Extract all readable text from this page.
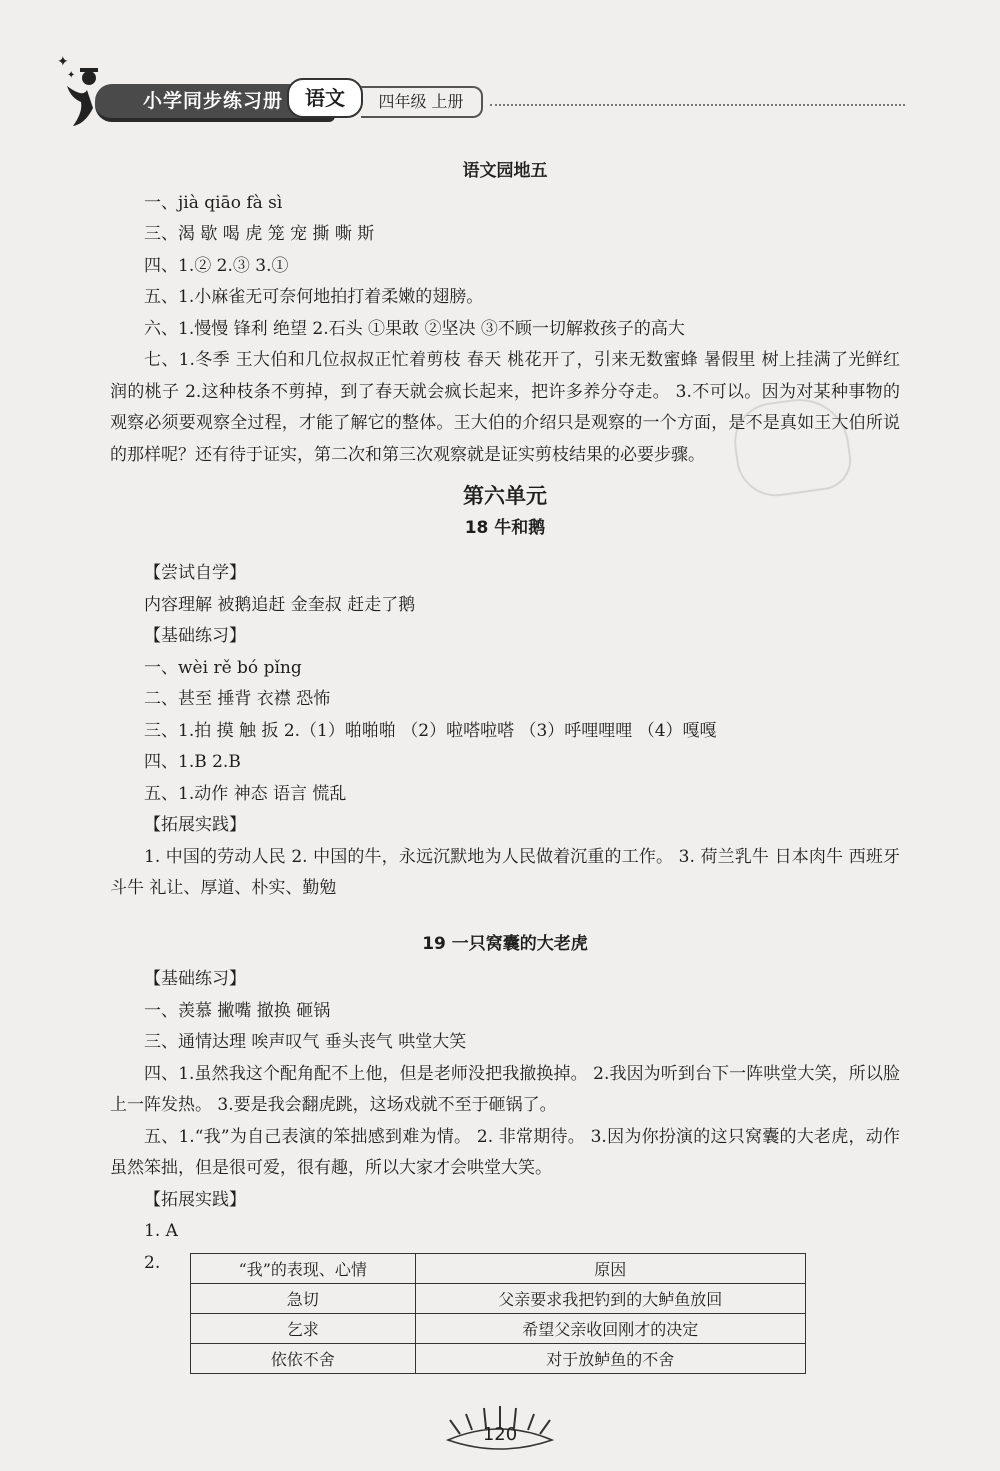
✦
✦
小学同步练习册	语文	四年级 上册
语文园地五
一、jià qiāo fà sì
三、渴 歇 喝 虎 笼 宠 撕 嘶 斯
四、1.② 2.③ 3.①
五、1.小麻雀无可奈何地拍打着柔嫩的翅膀。
六、1.慢慢 锋利 绝望 2.石头 ①果敢 ②坚决 ③不顾一切解救孩子的高大
七、1.冬季 王大伯和几位叔叔正忙着剪枝 春天 桃花开了，引来无数蜜蜂 暑假里 树上挂满了光鲜红润的桃子 2.这种枝条不剪掉，到了春天就会疯长起来，把许多养分夺走。 3.不可以。因为对某种事物的观察必须要观察全过程，才能了解它的整体。王大伯的介绍只是观察的一个方面，是不是真如王大伯所说的那样呢？还有待于证实，第二次和第三次观察就是证实剪枝结果的必要步骤。
第六单元
18 牛和鹅
【尝试自学】
内容理解 被鹅追赶 金奎叔 赶走了鹅
【基础练习】
一、wèi rě bó pǐng
二、甚至 捶背 衣襟 恐怖
三、1.拍 摸 触 扳 2.（1）啪啪啪 （2）啦嗒啦嗒 （3）呼哩哩哩 （4）嘎嘎
四、1.B 2.B
五、1.动作 神态 语言 慌乱
【拓展实践】
1. 中国的劳动人民 2. 中国的牛，永远沉默地为人民做着沉重的工作。 3. 荷兰乳牛 日本肉牛 西班牙斗牛 礼让、厚道、朴实、勤勉
19 一只窝囊的大老虎
【基础练习】
一、羡慕 撇嘴 撤换 砸锅
三、通情达理 唉声叹气 垂头丧气 哄堂大笑
四、1.虽然我这个配角配不上他，但是老师没把我撤换掉。 2.我因为听到台下一阵哄堂大笑，所以脸上一阵发热。 3.要是我会翻虎跳，这场戏就不至于砸锅了。
五、1.“我”为自己表演的笨拙感到难为情。 2. 非常期待。 3.因为你扮演的这只窝囊的大老虎，动作虽然笨拙，但是很可爱，很有趣，所以大家才会哄堂大笑。
【拓展实践】
1. A
2.	“我”的表现、心情	原因
急切	父亲要求我把钓到的大鲈鱼放回
乞求	希望父亲收回刚才的决定
依依不舍	对于放鲈鱼的不舍
120
